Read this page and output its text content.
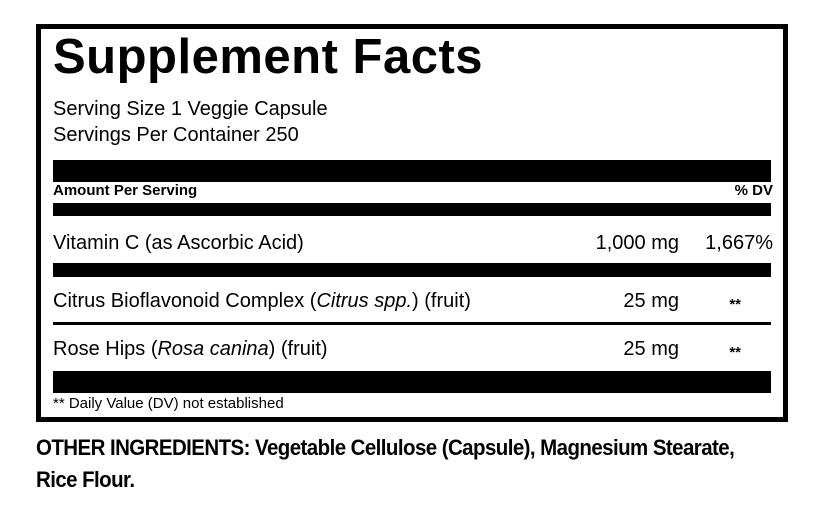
Supplement Facts
Serving Size 1 Veggie Capsule
Servings Per Container 250
Amount Per Serving	% DV
Vitamin C (as Ascorbic Acid)	1,000 mg 1,667%
Citrus Bioflavonoid Complex (Citrus spp.) (fruit)	25 mg	**
Rose Hips (Rosa canina) (fruit)	25 mg	**
** Daily Value (DV) not established
OTHER INGREDIENTS: Vegetable Cellulose (Capsule), Magnesium Stearate, Rice Flour.
